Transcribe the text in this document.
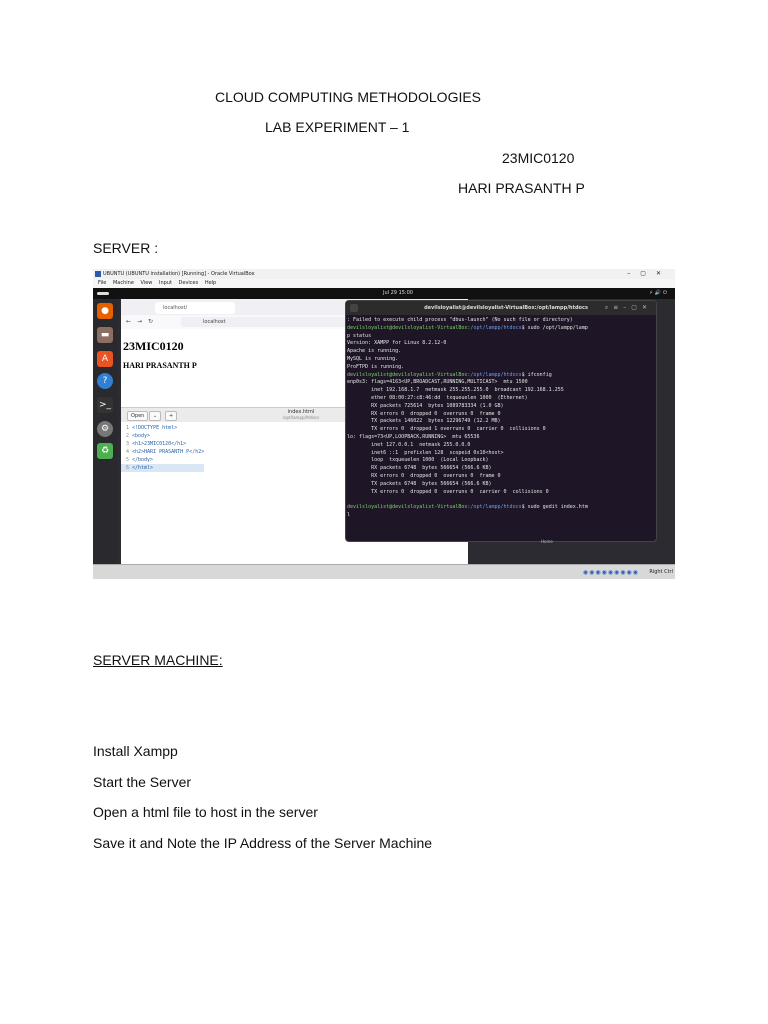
CLOUD COMPUTING METHODOLOGIES
LAB EXPERIMENT – 1
23MIC0120
HARI PRASANTH P
SERVER :
UBUNTU (UBUNTU installation) [Running] - Oracle VirtualBox	–▢✕
File Machine View Input Devices Help
Jul 29 15:00	⚡🔊⏻
●
▬
A
?
>_
⚙
♻
localhost/
←→↻	localhost
23MIC0120
HARI PRASANTH P
Open	⌄	+
index.html
/opt/lampp/htdocs
1 <!DOCTYPE html>
2 <body>
3 <h1>23MIC0120</h1>
4 <h2>HARI PRASANTH P</h2>
5 </body>
6 </html>
devilsloyalist@devilsloyalist-VirtualBox:/opt/lampp/htdocs	⌕≡–▢✕
: Failed to execute child process "dbus-launch" (No such file or directory)
devilsloyalist@devilsloyalist-VirtualBox:/opt/lampp/htdocs$ sudo /opt/lampp/lamp
p status
Version: XAMPP for Linux 8.2.12-0
Apache is running.
MySQL is running.
ProFTPD is running.
devilsloyalist@devilsloyalist-VirtualBox:/opt/lampp/htdocs$ ifconfig
enp0s3: flags=4163<UP,BROADCAST,RUNNING,MULTICAST>  mtu 1500
inet 192.168.1.7  netmask 255.255.255.0  broadcast 192.168.1.255
ether 08:00:27:c8:46:dd  txqueuelen 1000  (Ethernet)
RX packets 725614  bytes 1089783334 (1.0 GB)
RX errors 0  dropped 0  overruns 0  frame 0
TX packets 146022  bytes 12296749 (12.2 MB)
TX errors 0  dropped 1 overruns 0  carrier 0  collisions 0
lo: flags=73<UP,LOOPBACK,RUNNING>  mtu 65536
inet 127.0.0.1  netmask 255.0.0.0
inet6 ::1  prefixlen 128  scopeid 0x10<host>
loop  txqueuelen 1000  (Local Loopback)
RX packets 6748  bytes 566654 (566.6 KB)
RX errors 0  dropped 0  overruns 0  frame 0
TX packets 6748  bytes 566654 (566.6 KB)
TX errors 0  dropped 0  overruns 0  carrier 0  collisions 0

devilsloyalist@devilsloyalist-VirtualBox:/opt/lampp/htdocs$ sudo gedit index.htm
l
Home
◉◉◉◉◉◉◉◉◉ Right Ctrl
SERVER MACHINE:
Install Xampp
Start the Server
Open a html file to host in the server
Save it and Note the IP Address of the Server Machine
